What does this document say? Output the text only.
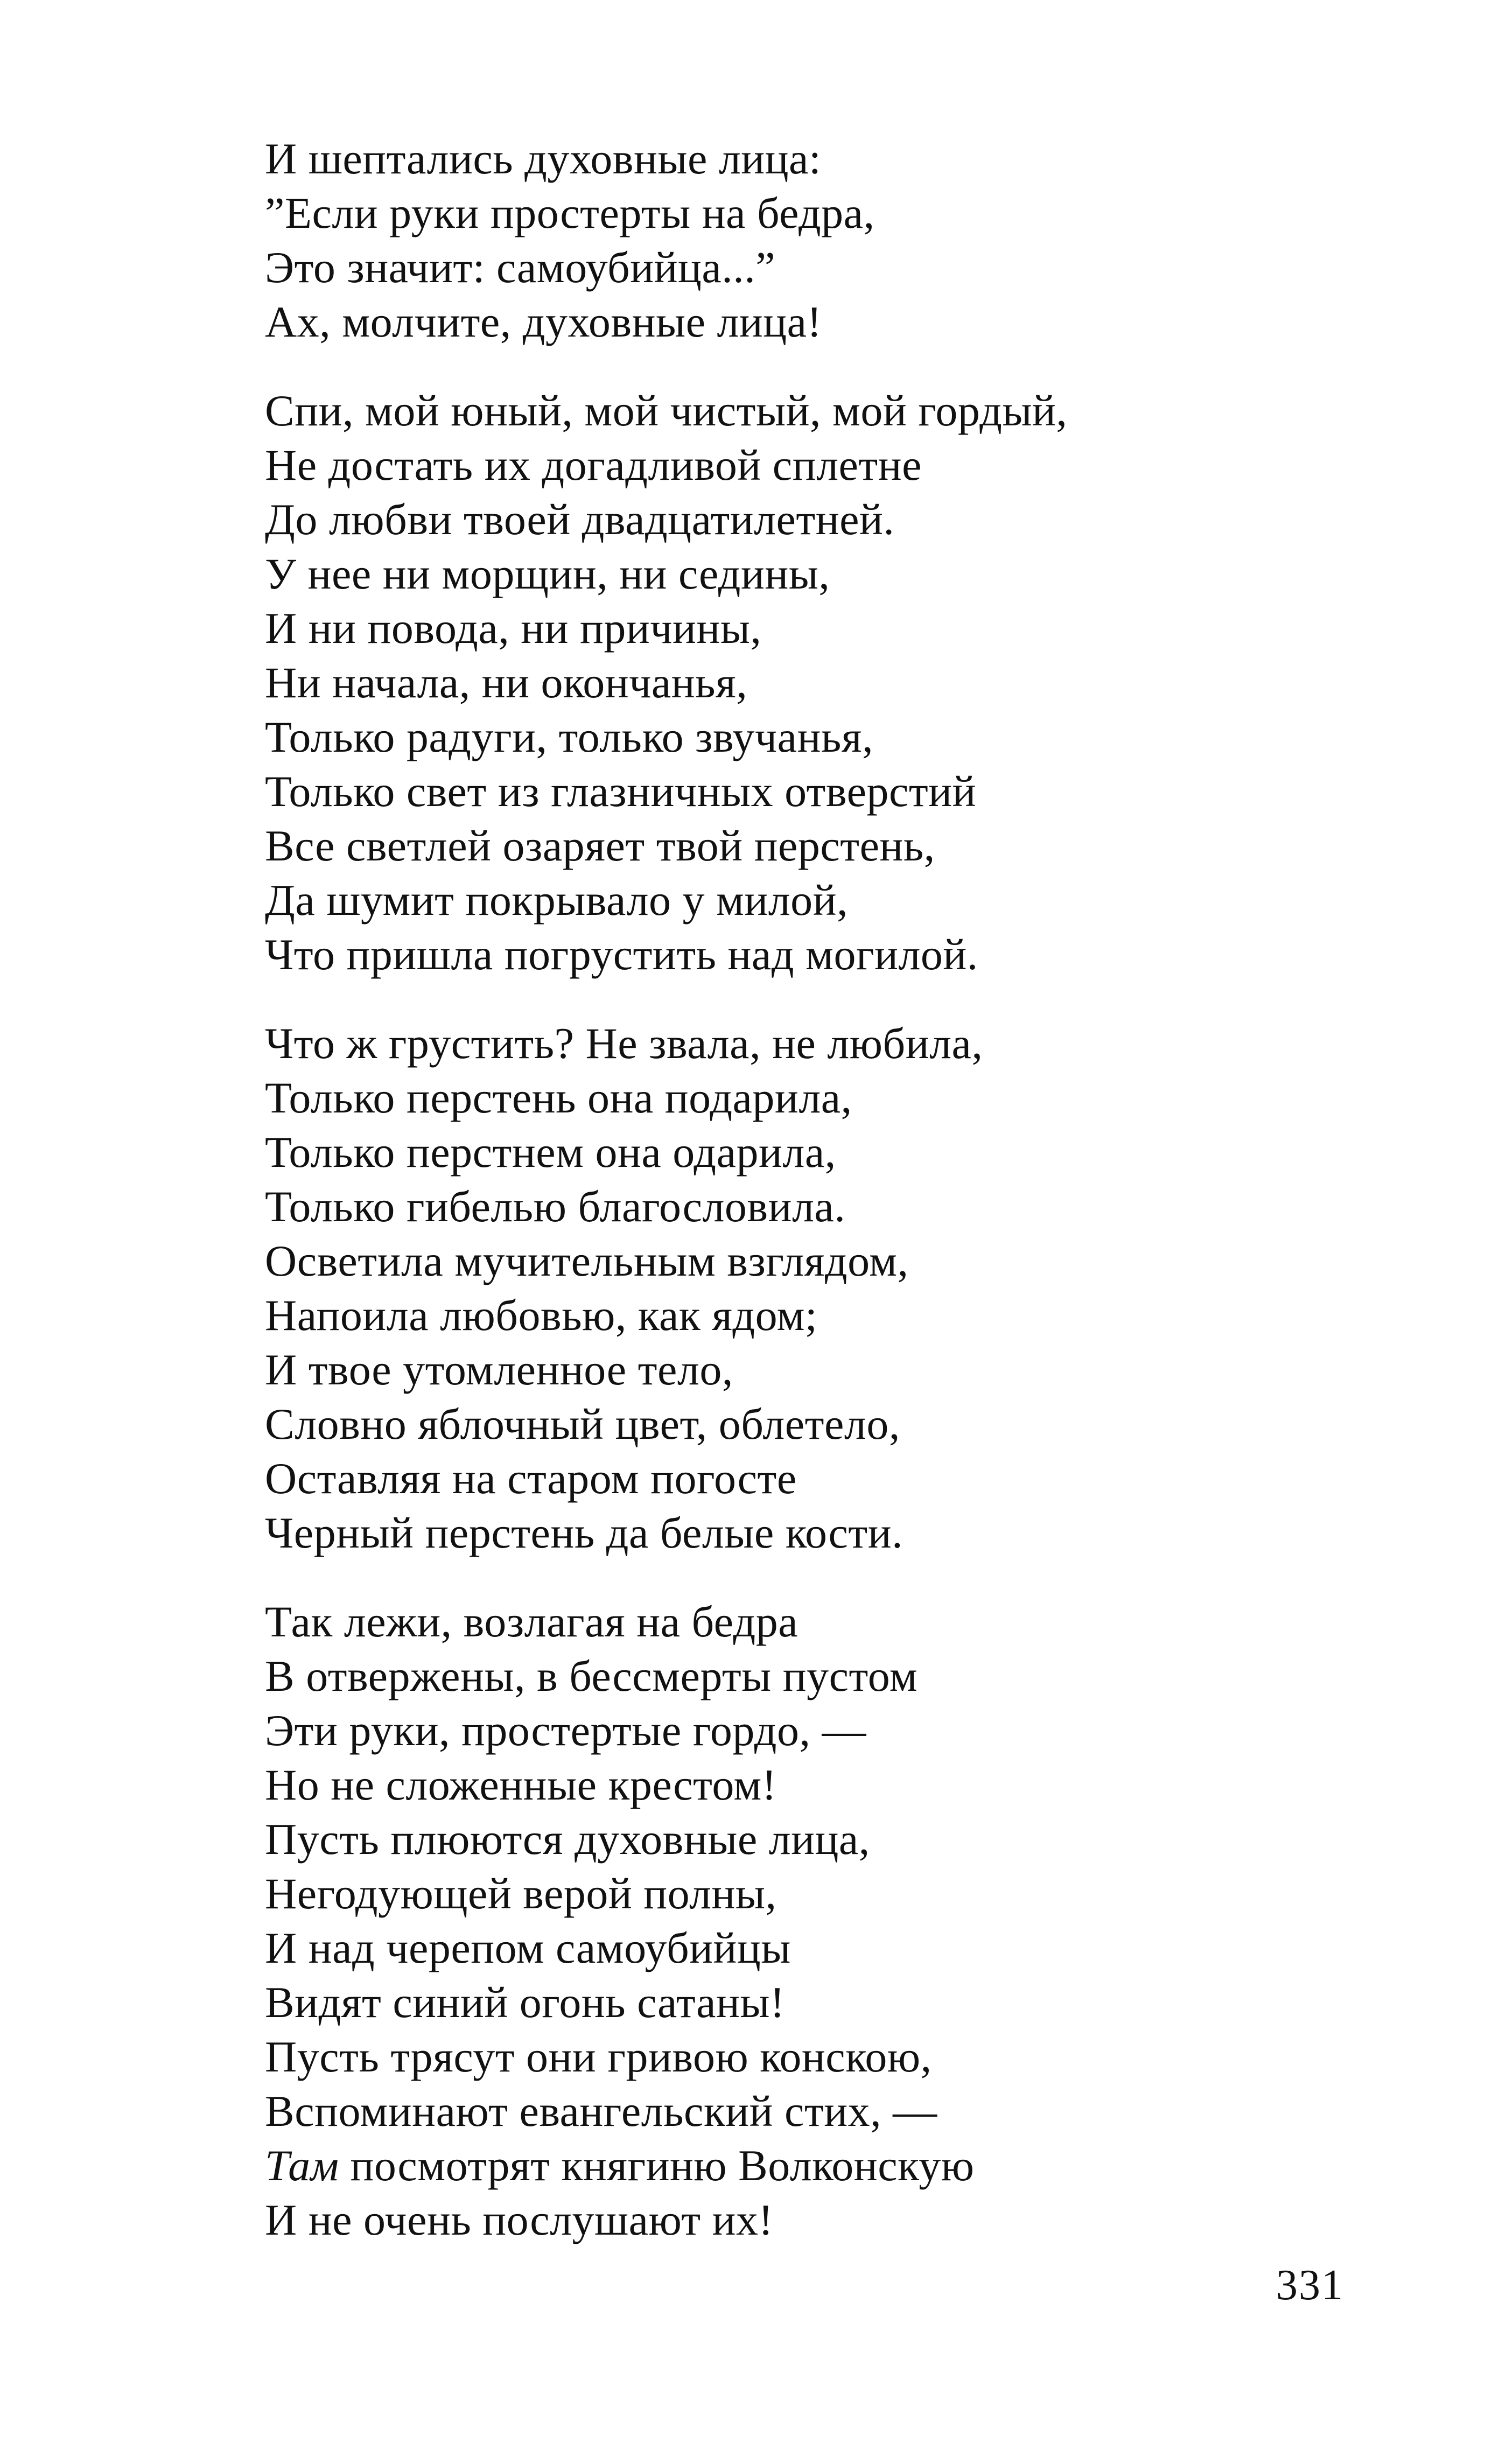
И шептались духовные лица:
”Если руки простерты на бедра,
Это значит: самоубийца...”
Ах, молчите, духовные лица!
Спи, мой юный, мой чистый, мой гордый,
Не достать их догадливой сплетне
До любви твоей двадцатилетней.
У нее ни морщин, ни седины,
И ни повода, ни причины,
Ни начала, ни окончанья,
Только радуги, только звучанья,
Только свет из глазничных отверстий
Все светлей озаряет твой перстень,
Да шумит покрывало у милой,
Что пришла погрустить над могилой.
Что ж грустить? Не звала, не любила,
Только перстень она подарила,
Только перстнем она одарила,
Только гибелью благословила.
Осветила мучительным взглядом,
Напоила любовью, как ядом;
И твое утомленное тело,
Словно яблочный цвет, облетело,
Оставляя на старом погосте
Черный перстень да белые кости.
Так лежи, возлагая на бедра
В отвержены, в бессмерты пустом
Эти руки, простертые гордо, —
Но не сложенные крестом!
Пусть плюются духовные лица,
Негодующей верой полны,
И над черепом самоубийцы
Видят синий огонь сатаны!
Пусть трясут они гривою конскою,
Вспоминают евангельский стих, —
Там посмотрят княгиню Волконскую
И не очень послушают их!
331
